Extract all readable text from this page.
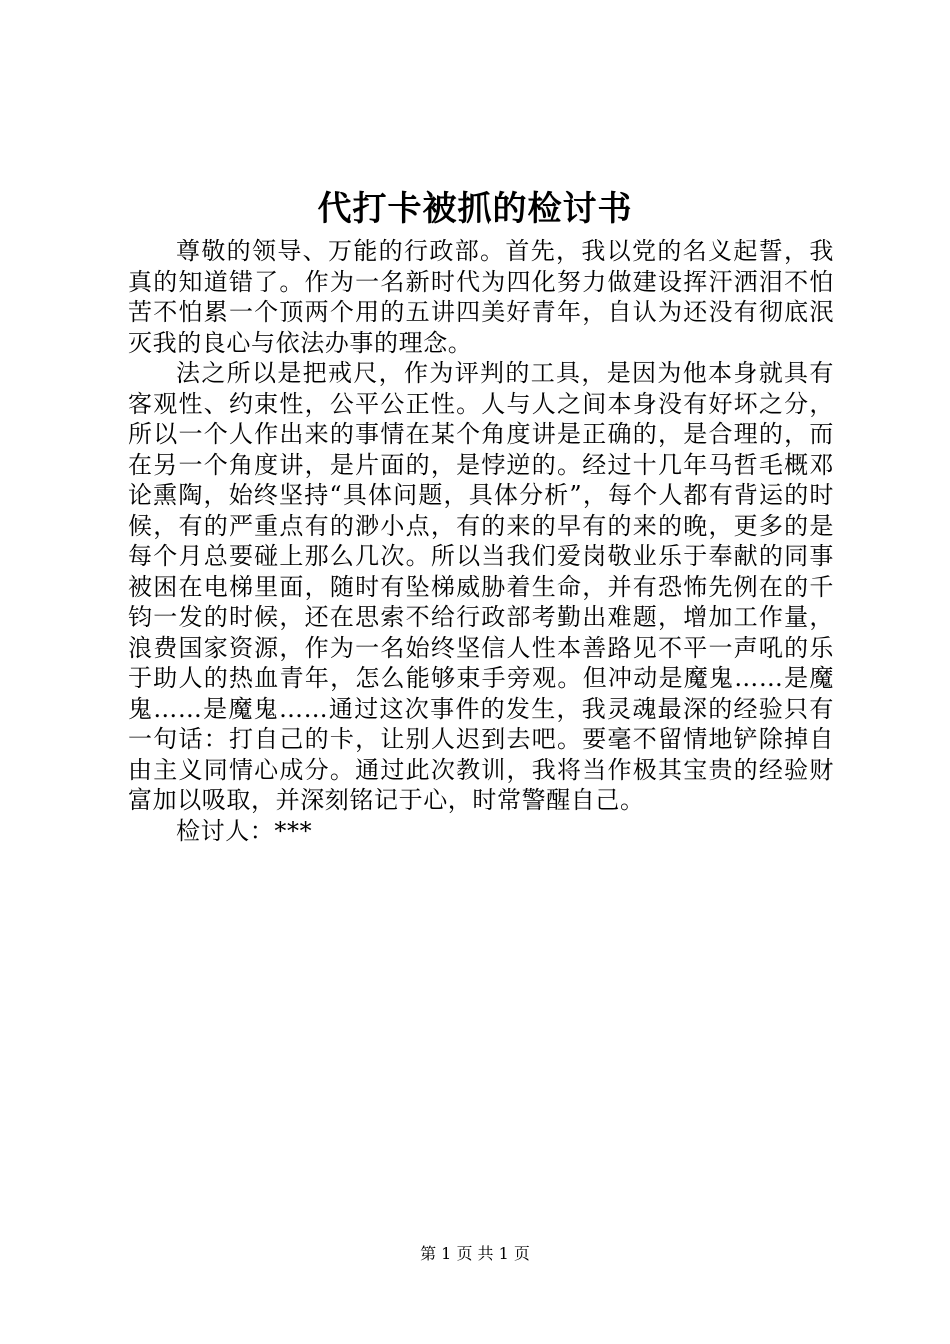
代打卡被抓的检讨书

尊敬的领导、万能的行政部。首先，我以党的名义起誓，我真的知道错了。作为一名新时代为四化努力做建设挥汗洒泪不怕苦不怕累一个顶两个用的五讲四美好青年，自认为还没有彻底泯灭我的良心与依法办事的理念。

法之所以是把戒尺，作为评判的工具，是因为他本身就具有客观性、约束性，公平公正性。人与人之间本身没有好坏之分，所以一个人作出来的事情在某个角度讲是正确的，是合理的，而在另一个角度讲，是片面的，是悖逆的。经过十几年马哲毛概邓论熏陶，始终坚持“具体问题，具体分析”，每个人都有背运的时候，有的严重点有的渺小点，有的来的早有的来的晚，更多的是每个月总要碰上那么几次。所以当我们爱岗敬业乐于奉献的同事被困在电梯里面，随时有坠梯威胁着生命，并有恐怖先例在的千钧一发的时候，还在思索不给行政部考勤出难题，增加工作量，浪费国家资源，作为一名始终坚信人性本善路见不平一声吼的乐于助人的热血青年，怎么能够束手旁观。但冲动是魔鬼……是魔鬼……是魔鬼……通过这次事件的发生，我灵魂最深的经验只有一句话：打自己的卡，让别人迟到去吧。要毫不留情地铲除掉自由主义同情心成分。通过此次教训，我将当作极其宝贵的经验财富加以吸取，并深刻铭记于心，时常警醒自己。

检讨人：***

第 1 页 共 1 页
